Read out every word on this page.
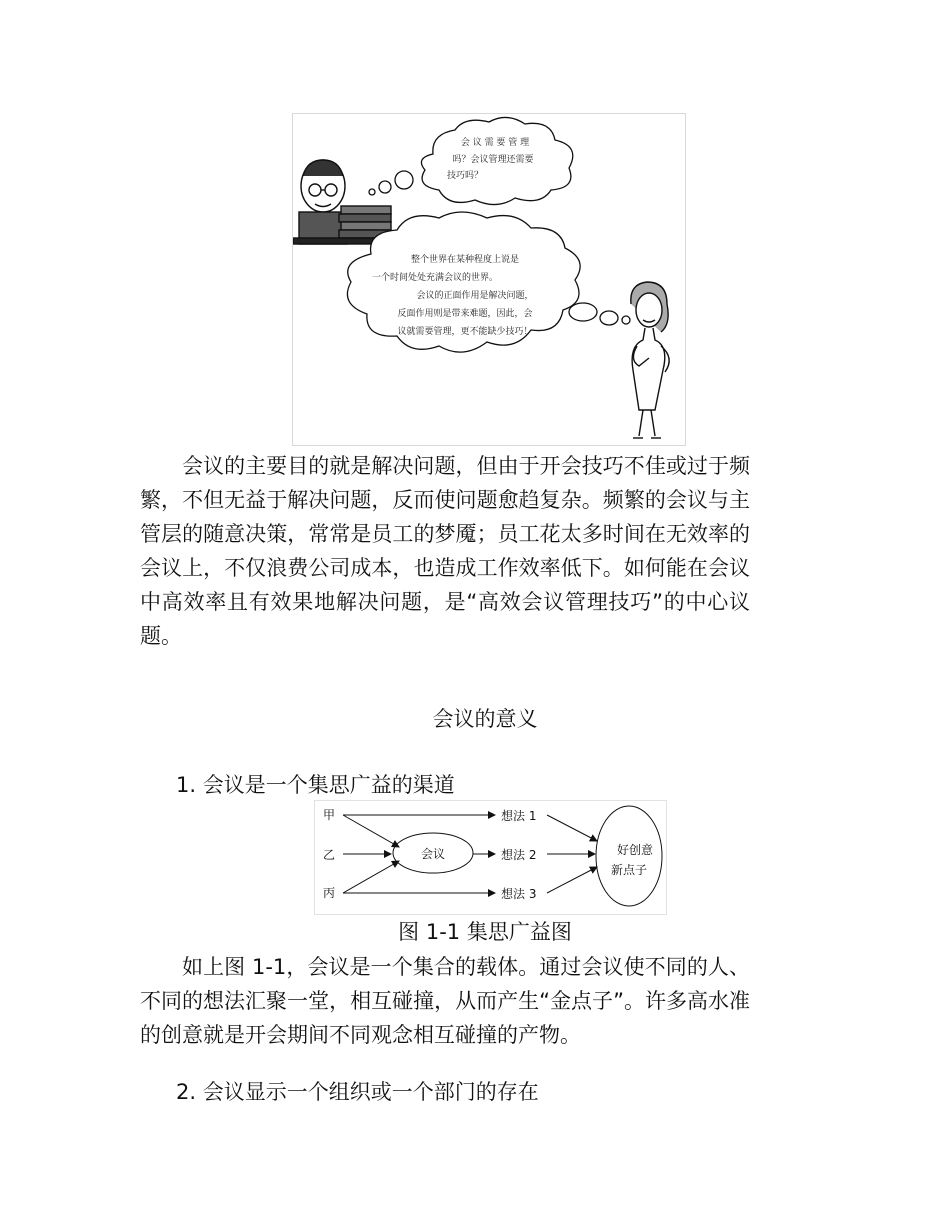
会 议 需 要 管 理
吗？会议管理还需要
技巧吗？
整个世界在某种程度上说是
一个时间处处充满会议的世界。
会议的正面作用是解决问题，
反面作用则是带来难题，因此，会
议就需要管理，更不能缺少技巧！

会议的主要目的就是解决问题，但由于开会技巧不佳或过于频繁，不但无益于解决问题，反而使问题愈趋复杂。频繁的会议与主管层的随意决策，常常是员工的梦魇；员工花太多时间在无效率的会议上，不仅浪费公司成本，也造成工作效率低下。如何能在会议中高效率且有效果地解决问题，是“高效会议管理技巧”的中心议题。

会议的意义

1. 会议是一个集思广益的渠道

甲
乙
丙
会议
想法 1
想法 2
想法 3
好创意
新点子

图 1-1 集思广益图

如上图 1-1，会议是一个集合的载体。通过会议使不同的人、不同的想法汇聚一堂，相互碰撞，从而产生“金点子”。许多高水准的创意就是开会期间不同观念相互碰撞的产物。

2. 会议显示一个组织或一个部门的存在
